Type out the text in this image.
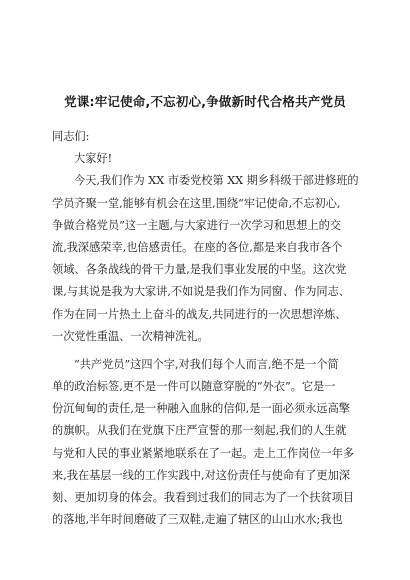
党课:牢记使命,不忘初心,争做新时代合格共产党员
同志们:
大家好!
今天,我们作为 XX 市委党校第 XX 期乡科级干部进修班的
学员齐聚一堂,能够有机会在这里,围绕“牢记使命,不忘初心,
争做合格党员”这一主题,与大家进行一次学习和思想上的交
流,我深感荣幸,也倍感责任。在座的各位,都是来自我市各个
领域、各条战线的骨干力量,是我们事业发展的中坚。这次党
课,与其说是我为大家讲,不如说是我们作为同窗、作为同志、
作为在同一片热土上奋斗的战友,共同进行的一次思想淬炼、
一次党性重温、一次精神洗礼。
“共产党员”这四个字,对我们每个人而言,绝不是一个简
单的政治标签,更不是一件可以随意穿脱的“外衣”。它是一
份沉甸甸的责任,是一种融入血脉的信仰,是一面必须永远高擎
的旗帜。从我们在党旗下庄严宣誓的那一刻起,我们的人生就
与党和人民的事业紧紧地联系在了一起。走上工作岗位一年多
来,我在基层一线的工作实践中,对这份责任与使命有了更加深
刻、更加切身的体会。我看到过我们的同志为了一个扶贫项目
的落地,半年时间磨破了三双鞋,走遍了辖区的山山水水;我也
